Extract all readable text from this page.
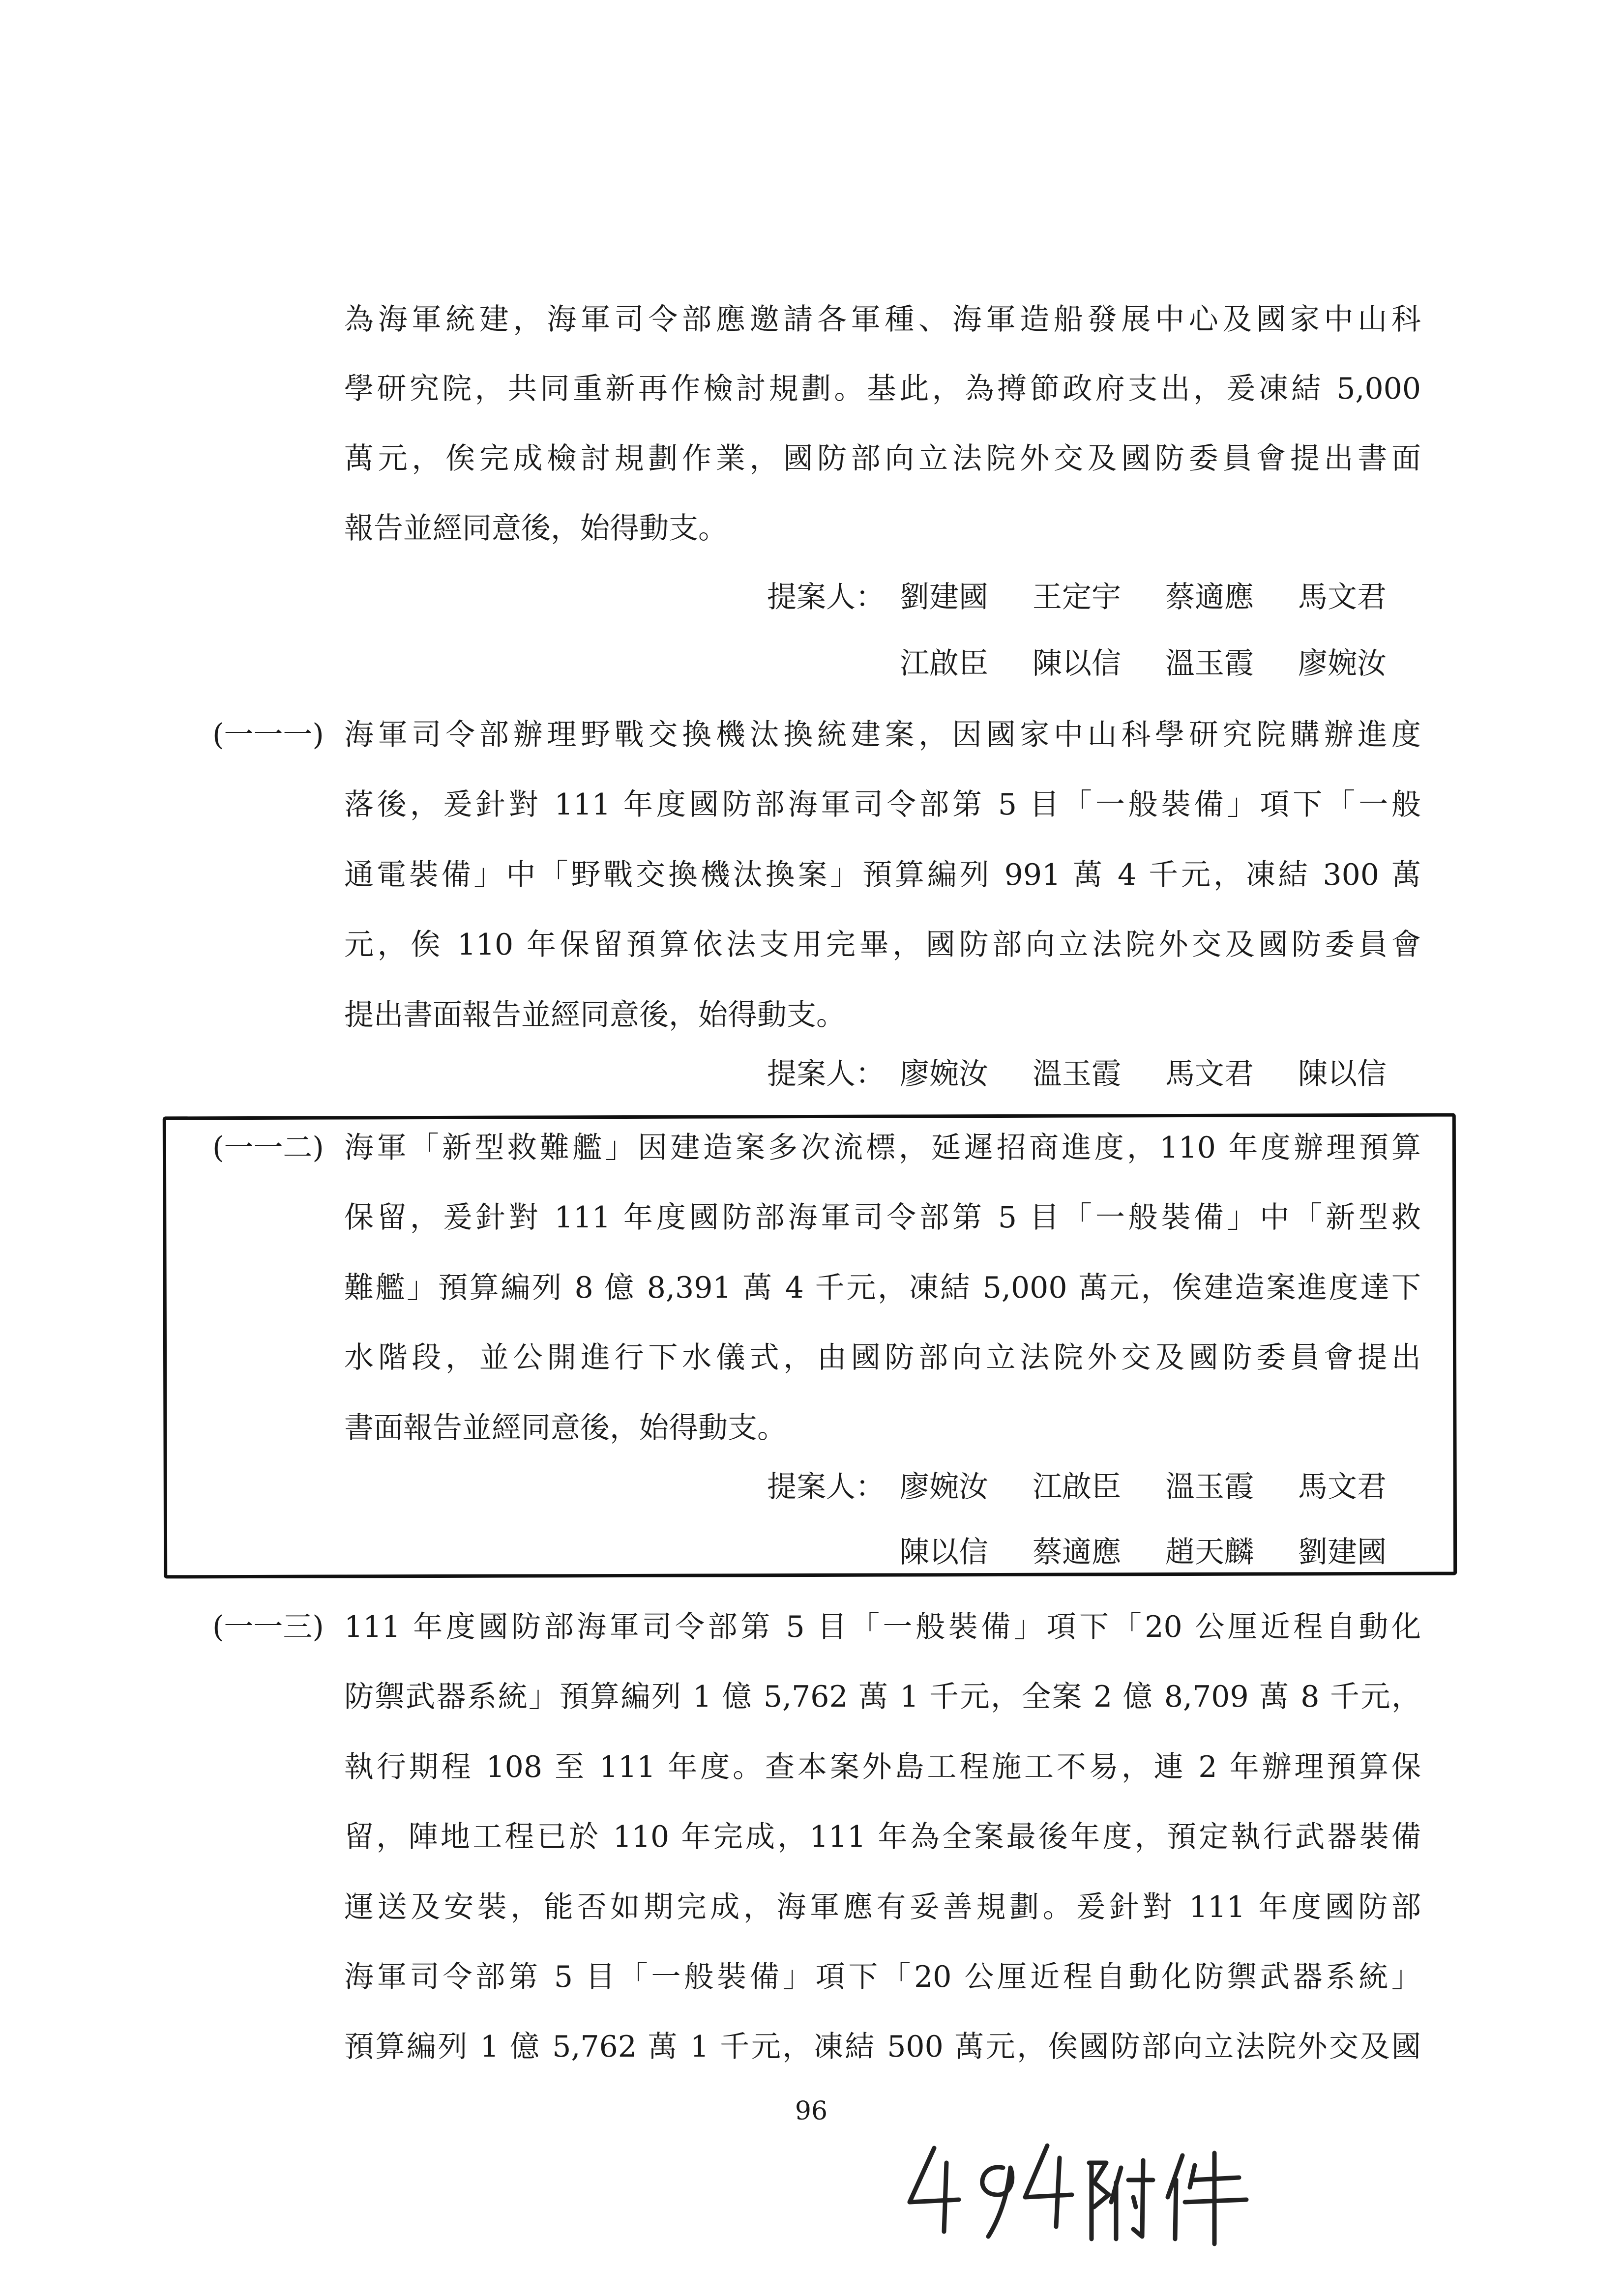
為海軍統建，海軍司令部應邀請各軍種、海軍造船發展中心及國家中山科
學研究院，共同重新再作檢討規劃。基此，為撙節政府支出，爰凍結 5,000
萬元，俟完成檢討規劃作業，國防部向立法院外交及國防委員會提出書面
報告並經同意後，始得動支。
提案人： 劉建國 王定宇 蔡適應 馬文君
江啟臣 陳以信 溫玉霞 廖婉汝
(一一一) 海軍司令部辦理野戰交換機汰換統建案，因國家中山科學研究院購辦進度
落後，爰針對 111 年度國防部海軍司令部第 5 目「一般裝備」項下「一般
通電裝備」中「野戰交換機汰換案」預算編列 991 萬 4 千元，凍結 300 萬
元，俟 110 年保留預算依法支用完畢，國防部向立法院外交及國防委員會
提出書面報告並經同意後，始得動支。
提案人： 廖婉汝 溫玉霞 馬文君 陳以信
(一一二) 海軍「新型救難艦」因建造案多次流標，延遲招商進度，110 年度辦理預算
保留，爰針對 111 年度國防部海軍司令部第 5 目「一般裝備」中「新型救
難艦」預算編列 8 億 8,391 萬 4 千元，凍結 5,000 萬元，俟建造案進度達下
水階段，並公開進行下水儀式，由國防部向立法院外交及國防委員會提出
書面報告並經同意後，始得動支。
提案人： 廖婉汝 江啟臣 溫玉霞 馬文君
陳以信 蔡適應 趙天麟 劉建國
(一一三) 111 年度國防部海軍司令部第 5 目「一般裝備」項下「20 公厘近程自動化
防禦武器系統」預算編列 1 億 5,762 萬 1 千元，全案 2 億 8,709 萬 8 千元，
執行期程 108 至 111 年度。查本案外島工程施工不易，連 2 年辦理預算保
留，陣地工程已於 110 年完成，111 年為全案最後年度，預定執行武器裝備
運送及安裝，能否如期完成，海軍應有妥善規劃。爰針對 111 年度國防部
海軍司令部第 5 目「一般裝備」項下「20 公厘近程自動化防禦武器系統」
預算編列 1 億 5,762 萬 1 千元，凍結 500 萬元，俟國防部向立法院外交及國
96
